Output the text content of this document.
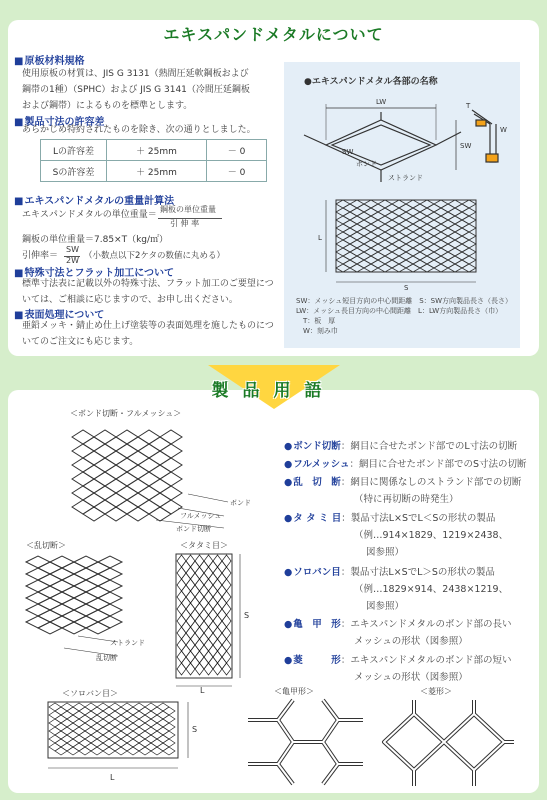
エキスパンドメタルについて
■ 原板材料規格
使用原板の材質は、JIS G 3131（熱間圧延軟鋼板および
鋼帯の1種）（SPHC）および JIS G 3141（冷間圧延鋼板
および鋼帯）によるものを標準とします。
■ 製品寸法の許容差
あらかじめ特約されたものを除き、次の通りとしました。
Lの許容差	＋ 25mm	－ 0
Sの許容差	＋ 25mm	－ 0
■ エキスパンドメタルの重量計算法
エキスパンドメタルの単位重量＝
鋼板の単位重量
引 伸 率
鋼板の単位重量＝7.85×T（kg/㎡）
引伸率＝
SW
2W （小数点以下2ケタの数値に丸める）
■ 特殊寸法とフラット加工について
標準寸法表に記載以外の特殊寸法、フラット加工のご要望につ
いては、ご相談に応じますので、お申し出ください。
■ 表面処理について
亜鉛メッキ・錆止め仕上げ塗装等の表面処理を施したものにつ
いてのご注文にも応じます。
●エキスパンドメタル各部の名称
LW
SW
SW
T
W
ボンド
ストランド
L
S
SW：メッシュ短目方向の中心間距離　S：SW方向製品長さ（長さ）
LW：メッシュ長目方向の中心間距離　L：LW方向製品長さ（巾）
　T：板　厚
　W：刻み巾
製品用語
● ボンド切断：網目に合せたボンド部でのL寸法の切断
● フルメッシュ：網目に合せたボンド部でのS寸法の切断
● 乱　切　断：網目に関係なしのストランド部での切断
（特に再切断の時発生）
● タ タ ミ 目：製品寸法L×SでL＜Sの形状の製品
（例…914×1829、1219×2438、
図参照）
● ソロバン目：製品寸法L×SでL＞Sの形状の製品
（例…1829×914、2438×1219、
図参照）
● 亀　甲　形：エキスパンドメタルのボンド部の長い
メッシュの形状（図参照）
● 菱　　　形：エキスパンドメタルのボンド部の短い
メッシュの形状（図参照）
＜ボンド切断・フルメッシュ＞
ボンド
フルメッシュ
ボンド切断
＜乱切断＞
ストランド
乱切断
＜タタミ目＞
S
L
＜ソロバン目＞
S
L
＜亀甲形＞	＜菱形＞
